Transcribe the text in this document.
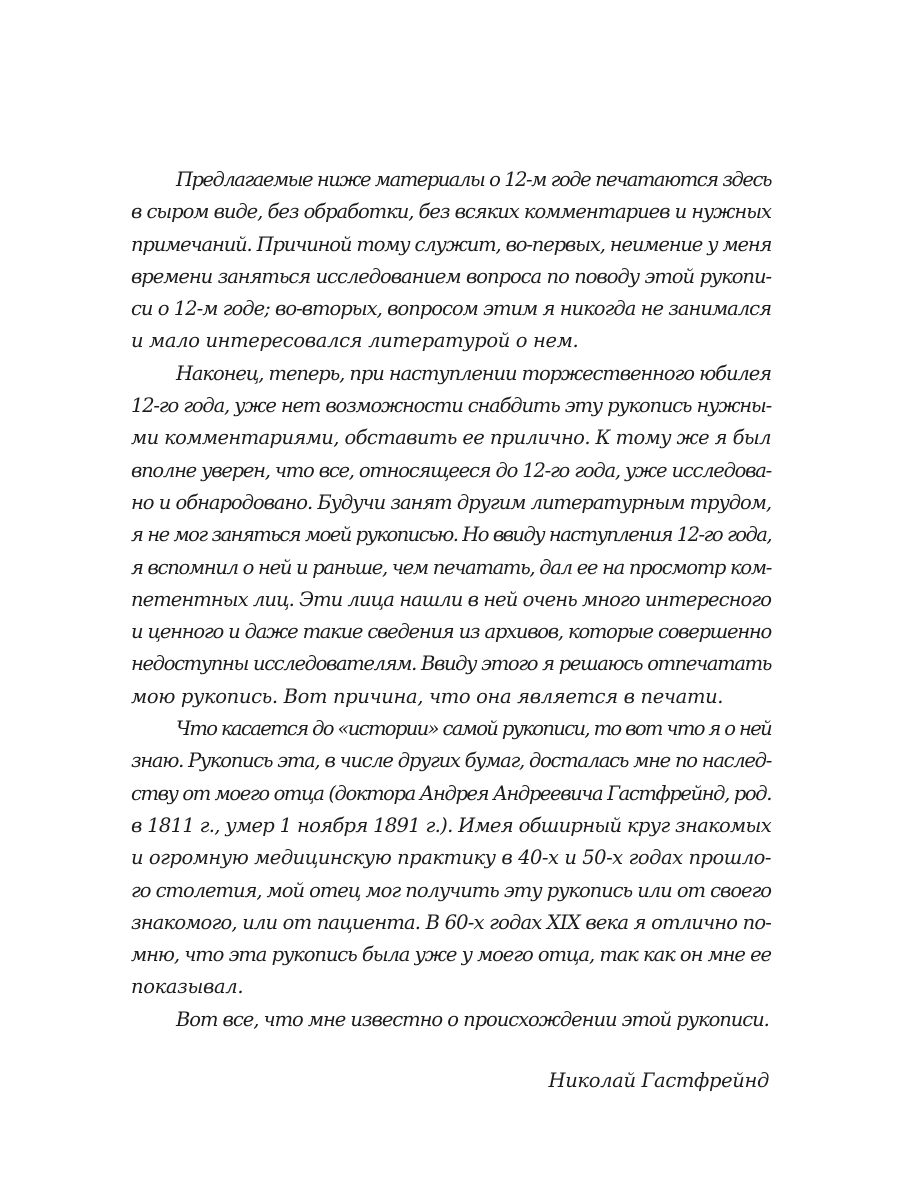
Предлагаемые ниже материалы о 12-м годе печатаются здесь
в сыром виде, без обработки, без всяких комментариев и нужных
примечаний. Причиной тому служит, во-первых, неимение у меня
времени заняться исследованием вопроса по поводу этой рукопи-
си о 12-м годе; во-вторых, вопросом этим я никогда не занимался
и мало интересовался литературой о нем.
Наконец, теперь, при наступлении торжественного юбилея
12-го года, уже нет возможности снабдить эту рукопись нужны-
ми комментариями, обставить ее прилично. К тому же я был
вполне уверен, что все, относящееся до 12-го года, уже исследова-
но и обнародовано. Будучи занят другим литературным трудом,
я не мог заняться моей рукописью. Но ввиду наступления 12-го года,
я вспомнил о ней и раньше, чем печатать, дал ее на просмотр ком-
петентных лиц. Эти лица нашли в ней очень много интересного
и ценного и даже такие сведения из архивов, которые совершенно
недоступны исследователям. Ввиду этого я решаюсь отпечатать
мою рукопись. Вот причина, что она является в печати.
Что касается до «истории» самой рукописи, то вот что я о ней
знаю. Рукопись эта, в числе других бумаг, досталась мне по наслед-
ству от моего отца (доктора Андрея Андреевича Гастфрейнд, род.
в 1811 г., умер 1 ноября 1891 г.). Имея обширный круг знакомых
и огромную медицинскую практику в 40-х и 50-х годах прошло-
го столетия, мой отец мог получить эту рукопись или от своего
знакомого, или от пациента. В 60-х годах XIX века я отлично по-
мню, что эта рукопись была уже у моего отца, так как он мне ее
показывал.
Вот все, что мне известно о происхождении этой рукописи.
Николай Гастфрейнд
